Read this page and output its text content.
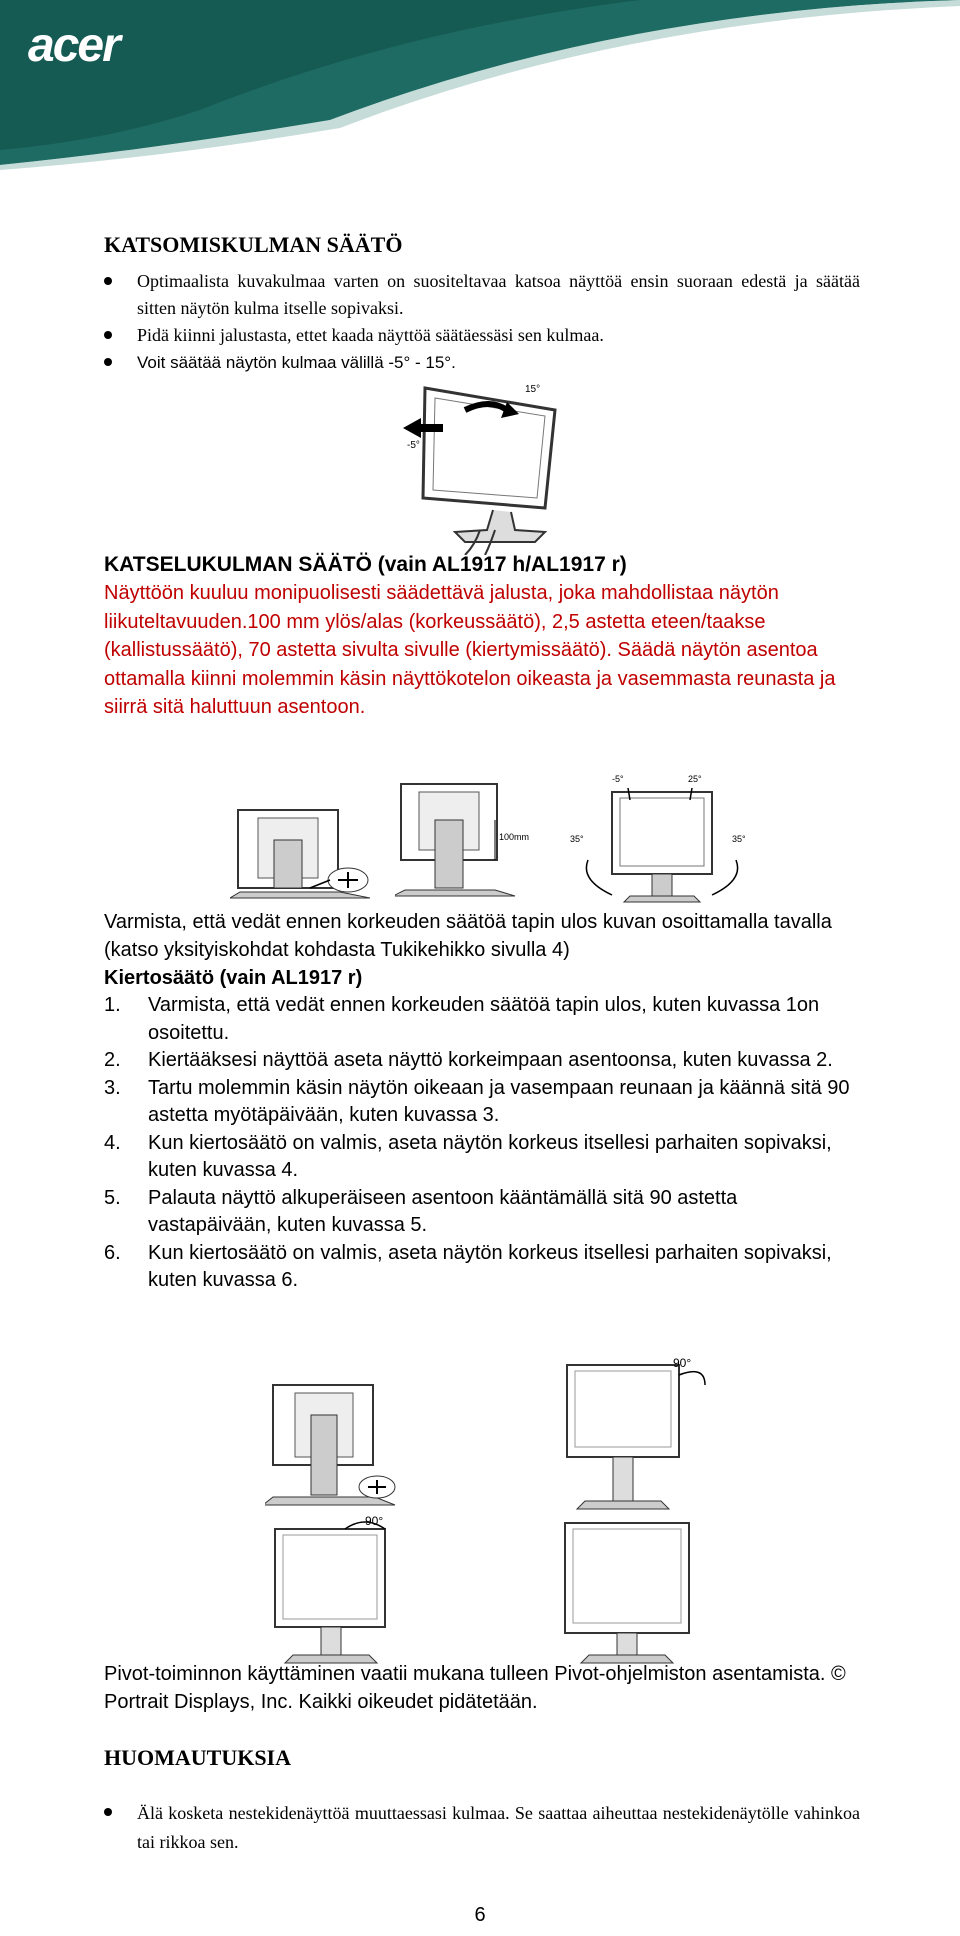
acer
KATSOMISKULMAN SÄÄTÖ
Optimaalista kuvakulmaa varten on suositeltavaa katsoa näyttöä ensin suoraan edestä ja säätää sitten näytön kulma itselle sopivaksi.
Pidä kiinni jalustasta, ettet kaada näyttöä säätäessäsi sen kulmaa.
Voit säätää näytön kulmaa välillä -5° - 15°.
15°
-5°
KATSELUKULMAN SÄÄTÖ (vain AL1917 h/AL1917 r)
Näyttöön kuuluu monipuolisesti säädettävä jalusta, joka mahdollistaa näytön liikuteltavuuden.100 mm ylös/alas (korkeussäätö), 2,5 astetta eteen/taakse (kallistussäätö), 70 astetta sivulta sivulle (kiertymissäätö). Säädä näytön asentoa ottamalla kiinni molemmin käsin näyttökotelon oikeasta ja vasemmasta reunasta ja siirrä sitä haluttuun asentoon.
100mm
-5°	25°
35°	35°
Varmista, että vedät ennen korkeuden säätöä tapin ulos kuvan osoittamalla tavalla
(katso yksityiskohdat kohdasta Tukikehikko sivulla 4)
Kiertosäätö (vain AL1917 r)
1.	Varmista, että vedät ennen korkeuden säätöä tapin ulos, kuten kuvassa 1on osoitettu.
2.	Kiertääksesi näyttöä aseta näyttö korkeimpaan asentoonsa, kuten kuvassa 2.
3.	Tartu molemmin käsin näytön oikeaan ja vasempaan reunaan ja käännä sitä 90 astetta myötäpäivään, kuten kuvassa 3.
4.	Kun kiertosäätö on valmis, aseta näytön korkeus itsellesi parhaiten sopivaksi, kuten kuvassa 4.
5.	Palauta näyttö alkuperäiseen asentoon kääntämällä sitä 90 astetta vastapäivään, kuten kuvassa 5.
6.	Kun kiertosäätö on valmis, aseta näytön korkeus itsellesi parhaiten sopivaksi, kuten kuvassa 6.
90°
90°
Pivot-toiminnon käyttäminen vaatii mukana tulleen Pivot-ohjelmiston asentamista. © Portrait Displays, Inc. Kaikki oikeudet pidätetään.
HUOMAUTUKSIA
Älä kosketa nestekidenäyttöä muuttaessasi kulmaa. Se saattaa aiheuttaa nestekidenäytölle vahinkoa tai rikkoa sen.
6
